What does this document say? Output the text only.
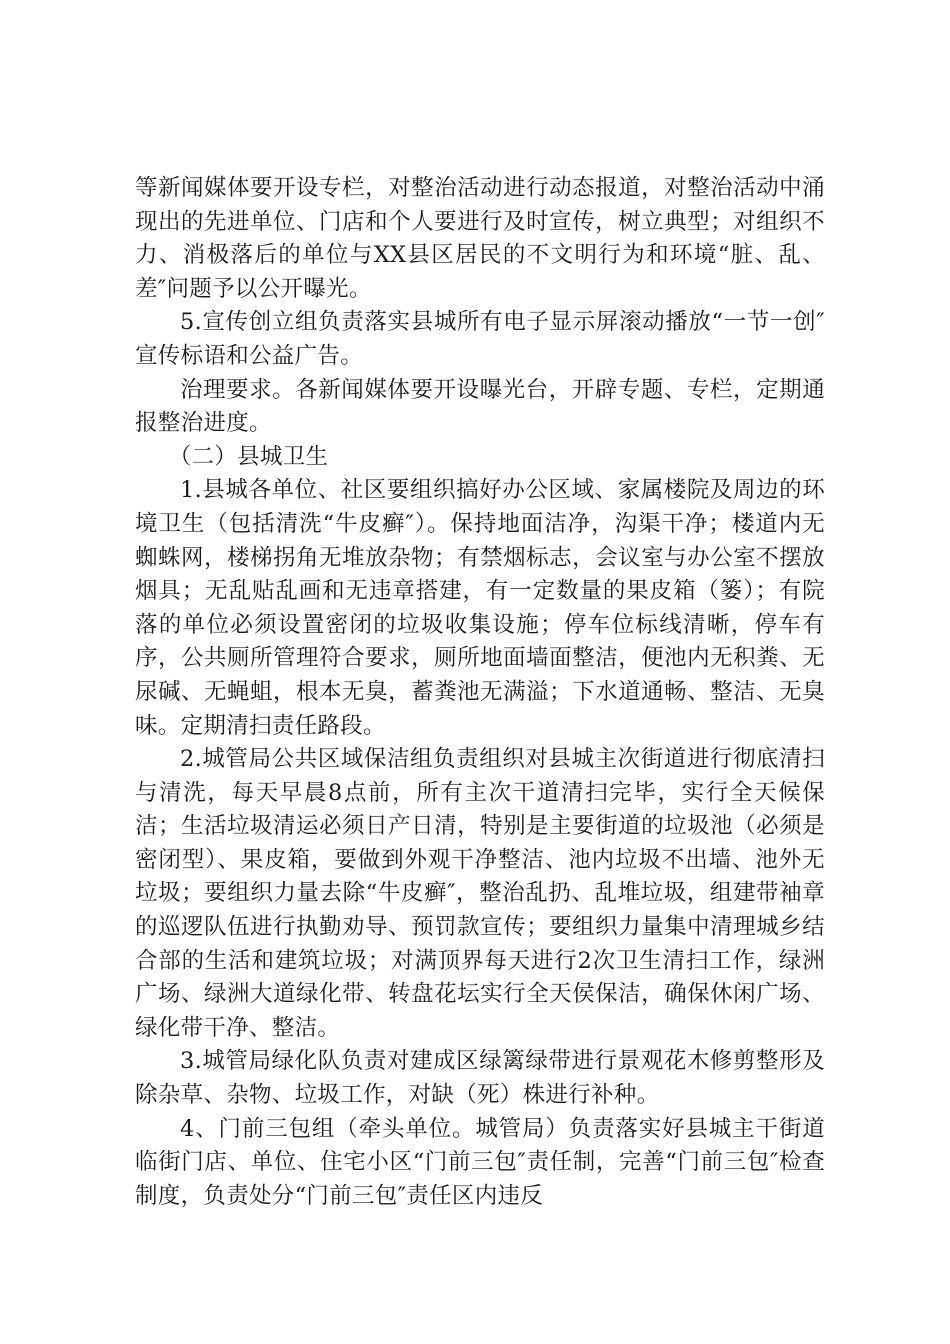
等新闻媒体要开设专栏，对整治活动进行动态报道，对整治活动中涌现出的先进单位、门店和个人要进行及时宣传，树立典型；对组织不力、消极落后的单位与XX县区居民的不文明行为和环境“脏、乱、差″问题予以公开曝光。

5.宣传创立组负责落实县城所有电子显示屏滚动播放“一节一创″宣传标语和公益广告。

治理要求。各新闻媒体要开设曝光台，开辟专题、专栏，定期通报整治进度。

（二）县城卫生

1.县城各单位、社区要组织搞好办公区域、家属楼院及周边的环境卫生（包括清洗“牛皮癣″）。保持地面洁净，沟渠干净；楼道内无蜘蛛网，楼梯拐角无堆放杂物；有禁烟标志，会议室与办公室不摆放烟具；无乱贴乱画和无违章搭建，有一定数量的果皮箱（篓）；有院落的单位必须设置密闭的垃圾收集设施；停车位标线清晰，停车有序，公共厕所管理符合要求，厕所地面墙面整洁，便池内无积粪、无尿碱、无蝇蛆，根本无臭，蓄粪池无满溢；下水道通畅、整洁、无臭味。定期清扫责任路段。

2.城管局公共区域保洁组负责组织对县城主次街道进行彻底清扫与清洗，每天早晨8点前，所有主次干道清扫完毕，实行全天候保洁；生活垃圾清运必须日产日清，特别是主要街道的垃圾池（必须是密闭型）、果皮箱，要做到外观干净整洁、池内垃圾不出墙、池外无垃圾；要组织力量去除“牛皮癣″，整治乱扔、乱堆垃圾，组建带袖章的巡逻队伍进行执勤劝导、预罚款宣传；要组织力量集中清理城乡结合部的生活和建筑垃圾；对满顶界每天进行2次卫生清扫工作，绿洲广场、绿洲大道绿化带、转盘花坛实行全天侯保洁，确保休闲广场、绿化带干净、整洁。

3.城管局绿化队负责对建成区绿篱绿带进行景观花木修剪整形及除杂草、杂物、垃圾工作，对缺（死）株进行补种。

4、门前三包组（牵头单位。城管局）负责落实好县城主干街道临街门店、单位、住宅小区“门前三包″责任制，完善“门前三包″检查制度，负责处分“门前三包″责任区内违反
